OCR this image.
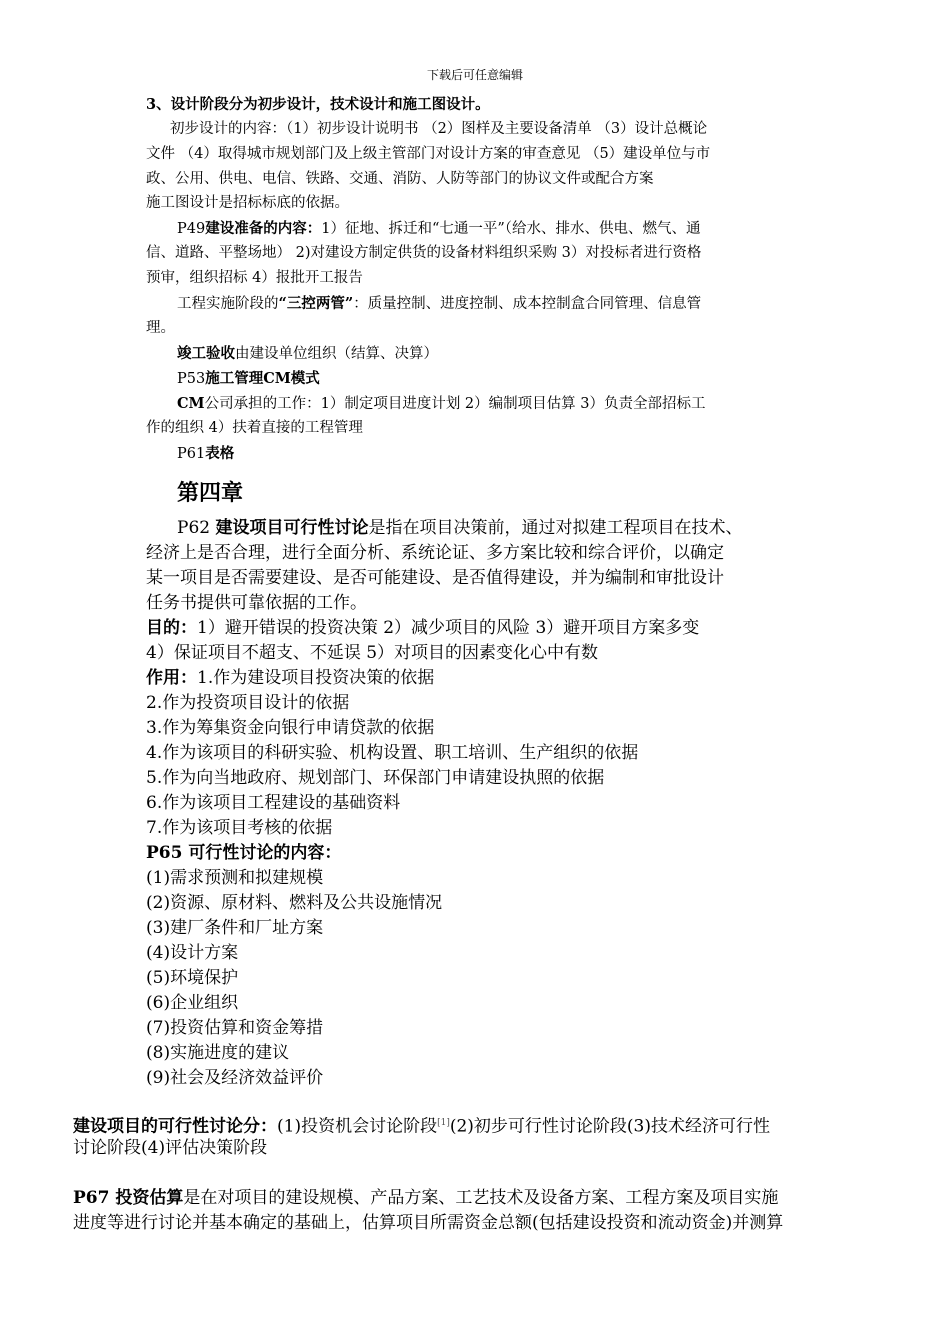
下载后可任意编辑
3、设计阶段分为初步设计，技术设计和施工图设计。
初步设计的内容：（1）初步设计说明书 （2）图样及主要设备清单 （3）设计总概论
文件 （4）取得城市规划部门及上级主管部门对设计方案的审查意见 （5）建设单位与市
政、公用、供电、电信、铁路、交通、消防、人防等部门的协议文件或配合方案
施工图设计是招标标底的依据。
P49建设准备的内容：1）征地、拆迁和“七通一平”（给水、排水、供电、燃气、通
信、道路、平整场地） 2)对建设方制定供货的设备材料组织采购 3）对投标者进行资格
预审，组织招标 4）报批开工报告
工程实施阶段的“三控两管”：质量控制、进度控制、成本控制盒合同管理、信息管
理。
竣工验收由建设单位组织（结算、决算）
P53施工管理CM模式
CM公司承担的工作：1）制定项目进度计划 2）编制项目估算 3）负责全部招标工
作的组织 4）扶着直接的工程管理
P61表格
第四章
P62 建设项目可行性讨论是指在项目决策前，通过对拟建工程项目在技术、
经济上是否合理，进行全面分析、系统论证、多方案比较和综合评价，以确定
某一项目是否需要建设、是否可能建设、是否值得建设，并为编制和审批设计
任务书提供可靠依据的工作。
目的：1）避开错误的投资决策 2）减少项目的风险 3）避开项目方案多变
4）保证项目不超支、不延误 5）对项目的因素变化心中有数
作用：1.作为建设项目投资决策的依据
2.作为投资项目设计的依据
3.作为筹集资金向银行申请贷款的依据
4.作为该项目的科研实验、机构设置、职工培训、生产组织的依据
5.作为向当地政府、规划部门、环保部门申请建设执照的依据
6.作为该项目工程建设的基础资料
7.作为该项目考核的依据
P65 可行性讨论的内容：
(1)需求预测和拟建规模
(2)资源、原材料、燃料及公共设施情况
(3)建厂条件和厂址方案
(4)设计方案
(5)环境保护
(6)企业组织
(7)投资估算和资金筹措
(8)实施进度的建议
(9)社会及经济效益评价
建设项目的可行性讨论分：(1)投资机会讨论阶段[1](2)初步可行性讨论阶段(3)技术经济可行性
讨论阶段(4)评估决策阶段
P67 投资估算是在对项目的建设规模、产品方案、工艺技术及设备方案、工程方案及项目实施
进度等进行讨论并基本确定的基础上，估算项目所需资金总额(包括建设投资和流动资金)并测算
